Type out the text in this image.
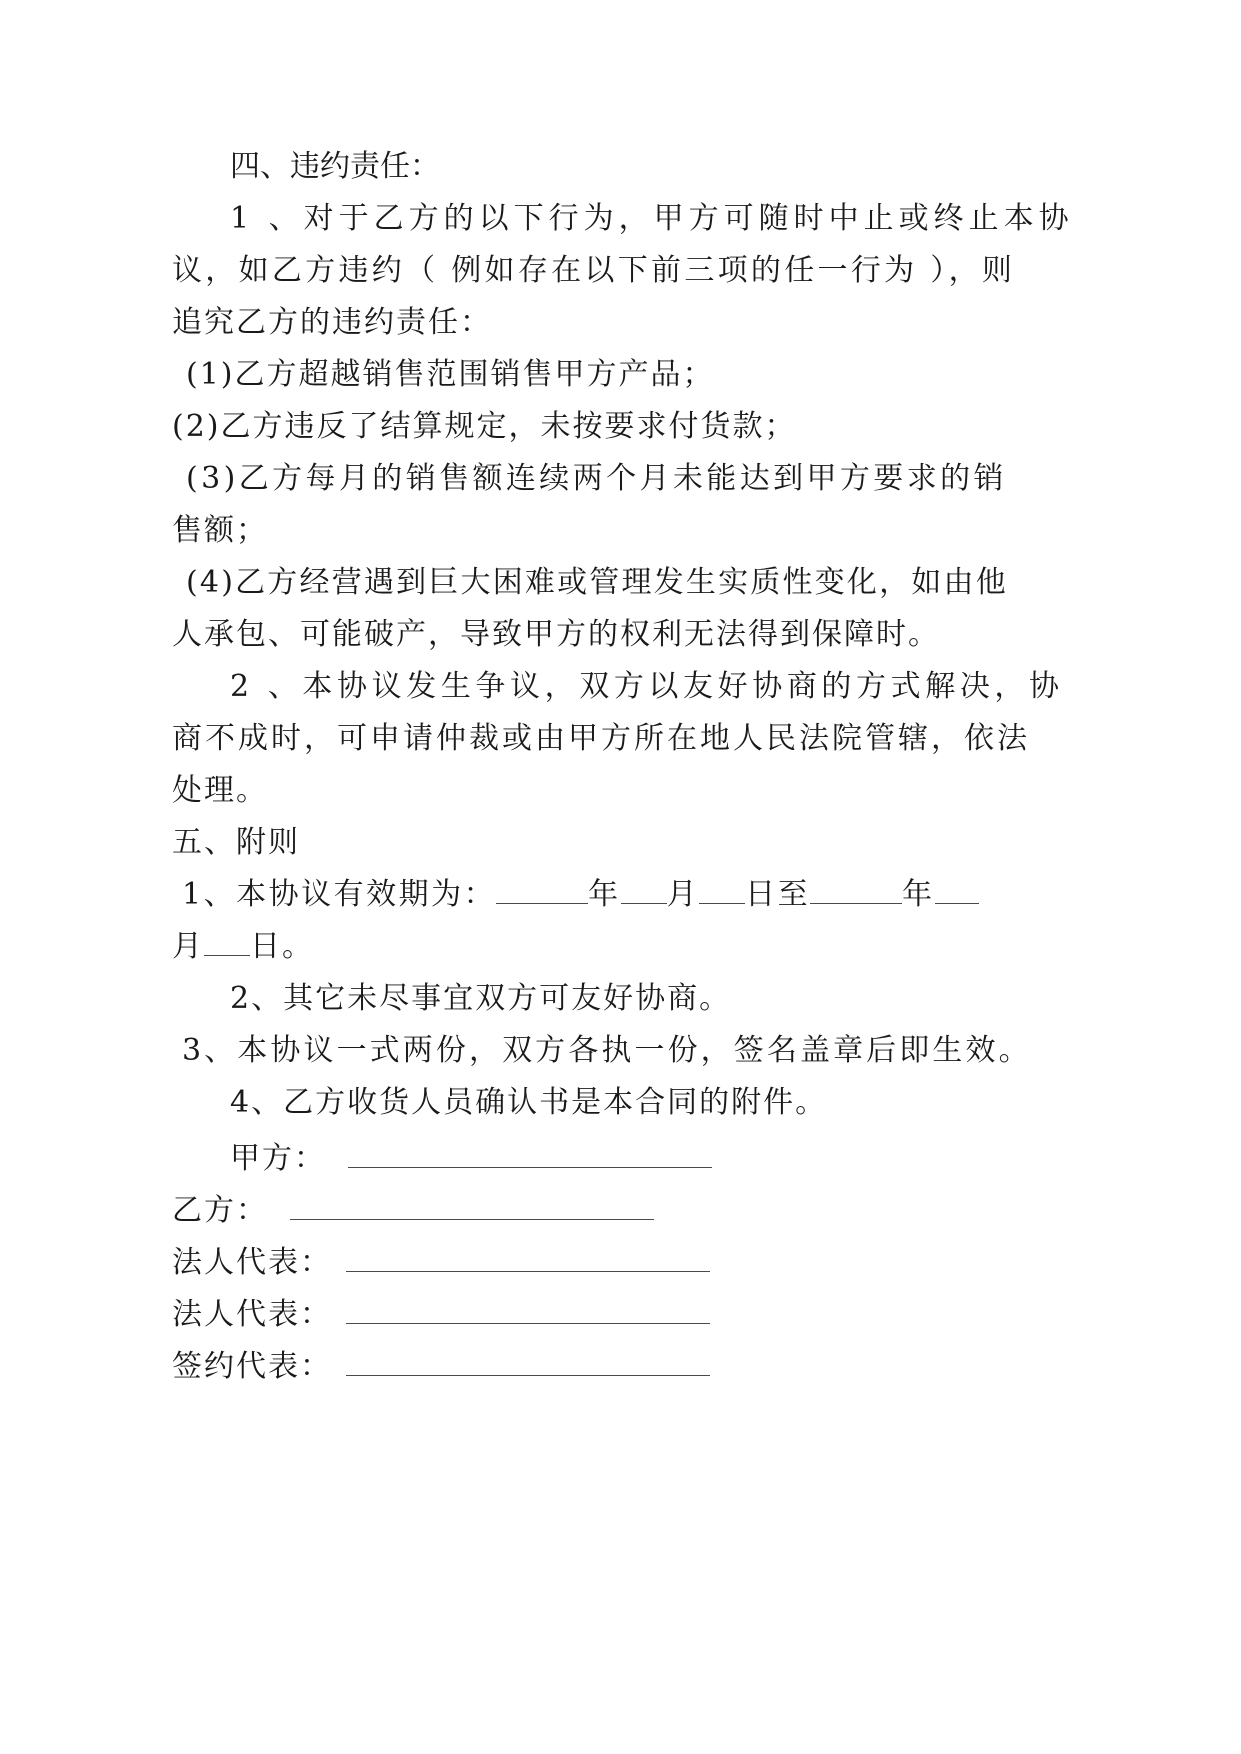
四、违约责任：
1 、对于乙方的以下行为，甲方可随时中止或终止本协
议，如乙方违约（ 例如存在以下前三项的任一行为 ），则
追究乙方的违约责任：
(1)乙方超越销售范围销售甲方产品；
(2)乙方违反了结算规定，未按要求付货款；
(3)乙方每月的销售额连续两个月未能达到甲方要求的销
售额；
(4)乙方经营遇到巨大困难或管理发生实质性变化，如由他
人承包、可能破产，导致甲方的权利无法得到保障时。
2 、本协议发生争议，双方以友好协商的方式解决，协
商不成时，可申请仲裁或由甲方所在地人民法院管辖，依法
处理。
五、附则
1、本协议有效期为：	年 月 日至	年
月 日。
2、其它未尽事宜双方可友好协商。
3、本协议一式两份，双方各执一份，签名盖章后即生效。
4、乙方收货人员确认书是本合同的附件。
甲方：
乙方：
法人代表：
法人代表：
签约代表：
